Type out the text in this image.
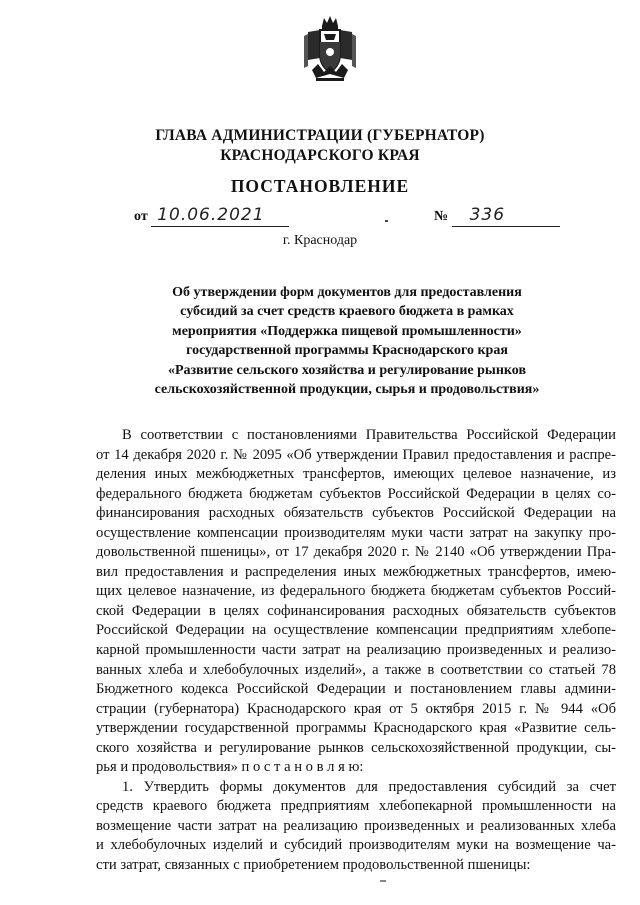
ГЛАВА АДМИНИСТРАЦИИ (ГУБЕРНАТОР)
КРАСНОДАРСКОГО КРАЯ
ПОСТАНОВЛЕНИЕ
от 10.06.2021	№ 336
г. Краснодар
Об утверждении форм документов для предоставления
субсидий за счет средств краевого бюджета в рамках
мероприятия «Поддержка пищевой промышленности»
государственной программы Краснодарского края
«Развитие сельского хозяйства и регулирование рынков
сельскохозяйственной продукции, сырья и продовольствия»
В соответствии с постановлениями Правительства Российской Федерации
от 14 декабря 2020 г. № 2095 «Об утверждении Правил предоставления и распре-
деления иных межбюджетных трансфертов, имеющих целевое назначение, из
федерального бюджета бюджетам субъектов Российской Федерации в целях со-
финансирования расходных обязательств субъектов Российской Федерации на
осуществление компенсации производителям муки части затрат на закупку про-
довольственной пшеницы», от 17 декабря 2020 г. № 2140 «Об утверждении Пра-
вил предоставления и распределения иных межбюджетных трансфертов, имею-
щих целевое назначение, из федерального бюджета бюджетам субъектов Россий-
ской Федерации в целях софинансирования расходных обязательств субъектов
Российской Федерации на осуществление компенсации предприятиям хлебопе-
карной промышленности части затрат на реализацию произведенных и реализо-
ванных хлеба и хлебобулочных изделий», а также в соответствии со статьей 78
Бюджетного кодекса Российской Федерации и постановлением главы админи-
страции (губернатора) Краснодарского края от 5 октября 2015 г. № 944 «Об
утверждении государственной программы Краснодарского края «Развитие сель-
ского хозяйства и регулирование рынков сельскохозяйственной продукции, сы-
рья и продовольствия» п о с т а н о в л я ю:
1. Утвердить формы документов для предоставления субсидий за счет
средств краевого бюджета предприятиям хлебопекарной промышленности на
возмещение части затрат на реализацию произведенных и реализованных хлеба
и хлебобулочных изделий и субсидий производителям муки на возмещение ча-
сти затрат, связанных с приобретением продовольственной пшеницы:
